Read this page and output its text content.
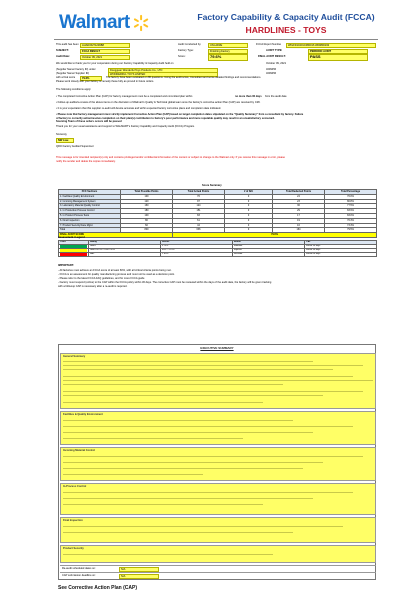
Walmart	Factory Capability & Capacity Audit (FCCA)
HARDLINES - TOYS
This audit has been	AUAD15271239B8	Audit Conducted by:	UNI-AFRE	FCCA Report Number	WIGF01D401C080016 W09800193
SUBJECT:	FCCA RESULT	Factory Type:	Finishing Factory	AUDIT TYPE:	PERIODIC AUDIT
Audit Date:	October 09, 2021	Score:	79.6%	FINAL AUDIT RESULT:	PASS
We would like to thank you for your cooperation during our Factory Capability & Capacity Audit held on	October 09, 2021
(Supplier Name/ Factory ID) under	Dongguan Wonderful Toys Products Co., LTD	3209456
(Supplier Name/ Supplier ID)	WONDERFUL TOYS LIMITED	3209456
with a final score	79.6%	The factory have been evaluated on 86 questions. Using the audit score, Consultant and some detailed findings and recommendations.
Please work closely with your factory to remedy these fully as proved in future orders.
The following conditions apply:
• The completed Corrective Action Plan (CAP) for factory management must be a completed and committed plan within	no more than 30 days from the audit date
• Follow-up audits/re-review of the above items on the discretion of Walmart's Quality & Technical global team once the factory's corrective action Plan (CAP) are received by CMI.
• It is your expectation that this supplier re-audit will devote accurate and within expected factory corrective plans and completion date indicated.
• Please note that factory management must strictly implement Corrective Action Plan (CAP) based on target completion dates stipulated on the "Quality Summary" from a consultant by factory. Failure
of factory to correctly action/resolve completion on their plan(s) contribution to factory's poor performance and more reputable quality may result in an unsatisfactory scorecard.
Sourcing Team of these orders occurs will be passed
Thank you for your usual assistance and support to WALMART's Factory Capability and Capacity Audit (FCCA) Program.
Sincerely,
NW Liau
QRO Factory Audited Supervisor
This message is for intended recipient(s) only and contains privileged and/or confidential information of the content or subject to change to the Walmart only. If you receive this message in error, please
notify the sender and delete the copies immediately.
Score Summary
FCC Sections	Total Possible Points	Total Actual Points	# of N/A	Total Deducted Points	Total Percentage
1. Facilities Quality Environment	100	76	0	24	76.0%
2. Incoming Management System	120	97	0	23	80.8%
3. Laboratory Material Quality Control	160	124	0	36	77.5%
4. In Production Process Control	180	151	0	29	83.9%
5. In Product Process Tests	100	83	0	17	83.0%
6. Final Inspection	80	61	0	19	76.3%
7. Product Security/Care Mgmt	60	44	0	16	73.3%
Total	800	636	0	164	79.5%
FINAL AUDIT SCORE		79.6%			
Assessment / Legend
Color	Rating	Scores	Action	CAP

	PASS	≥ 75%	Maintain	Within 30 days

	PASS WITH CONDITION	60% - 74.9%	Improve	Within 30 days

	FAIL	< 60%	Re-audit	Within 60 days
IMPORTANT:
- All factories must achieve an FCCA score of at least 60%, with all critical criteria points being met.
- FCCA is an assessment for quality manufacturing process and must not be used as a decision point.
- Please refer to the latest FCCA FAQ guidelines, and for more FCCA guide
- Factory must respond (online) to the CAP within the FCCA policy within 30 days. The corrective CAP must be reviewed within the days of the audit date, the factory will be given tracking
with a followup CAP is necessary after a re-audit is required.
EXECUTIVE SUMMARY
General Summary
Facilities & Quality Environment
Incoming Material Control
In-Process Control
Final Inspection
Product Security
Re-audit scheduled dates on:	N/A
CAP submission deadline on:	N/A
See Corrective Action Plan (CAP)
